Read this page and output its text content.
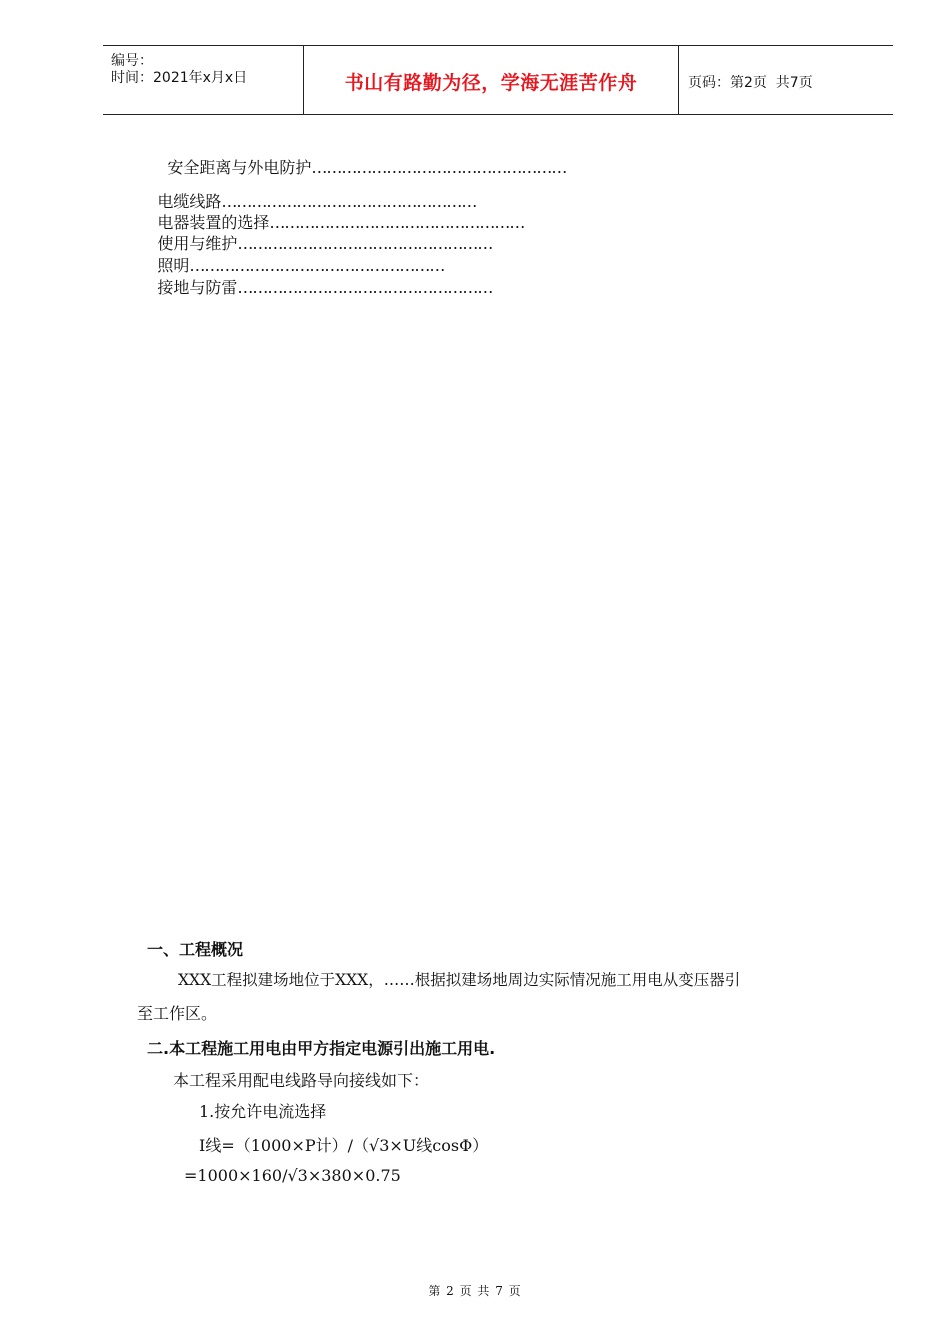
编号：
时间：2021年x月x日	书山有路勤为径，学海无涯苦作舟	页码：第2页  共7页

安全距离与外电防护……………………………………………

电缆线路……………………………………………

电器装置的选择……………………………………………

使用与维护……………………………………………

照明……………………………………………

接地与防雷……………………………………………

一、工程概况
XXX工程拟建场地位于XXX，……根据拟建场地周边实际情况施工用电从变压器引
至工作区。
二.本工程施工用电由甲方指定电源引出施工用电.
本工程采用配电线路导向接线如下：
1.按允许电流选择
I线=（1000×P计）/（√3×U线cosΦ）
=1000×160/√3×380×0.75
第 2 页 共 7 页
